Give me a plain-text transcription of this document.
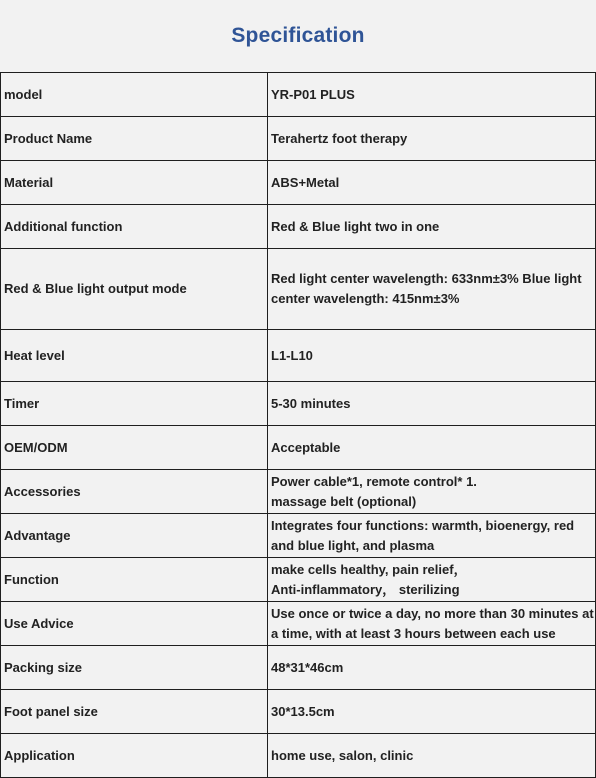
Specification
model	YR-P01 PLUS
Product Name	Terahertz foot therapy
Material	ABS+Metal
Additional function	Red & Blue light two in one
Red & Blue light output mode	Red light center wavelength: 633nm±3% Blue light center wavelength: 415nm±3%
Heat level	L1-L10
Timer	5-30 minutes
OEM/ODM	Acceptable
Accessories	Power cable*1, remote control* 1.
massage belt (optional)

Advantage	Integrates four functions: warmth, bioenergy, red and blue light, and plasma
Function	make cells healthy, pain relief，
Anti-inflammatory， sterilizing

Use Advice	Use once or twice a day, no more than 30 minutes at a time, with at least 3 hours between each use
Packing size	48*31*46cm
Foot panel size	30*13.5cm
Application	home use, salon, clinic
